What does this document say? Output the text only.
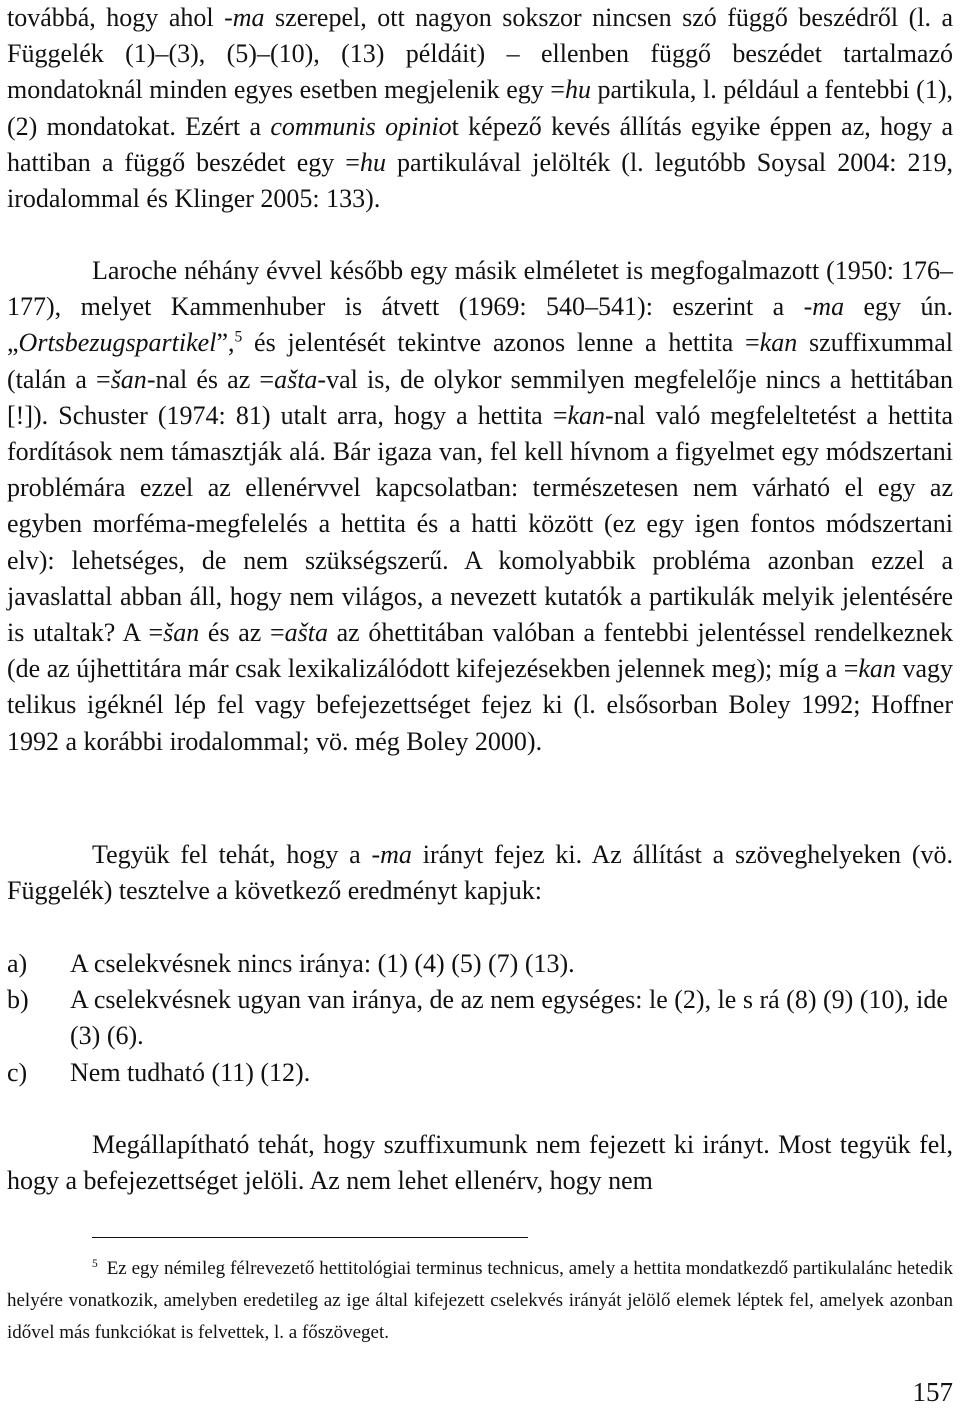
továbbá, hogy ahol -ma szerepel, ott nagyon sokszor nincsen szó függő beszédről (l. a Függelék (1)–(3), (5)–(10), (13) példáit) – ellenben függő beszédet tartalmazó mondatoknál minden egyes esetben megjelenik egy =hu partikula, l. például a fentebbi (1), (2) mondatokat. Ezért a communis opiniot képező kevés állítás egyike éppen az, hogy a hattiban a függő beszédet egy =hu partikulával jelölték (l. legutóbb Soysal 2004: 219, irodalommal és Klinger 2005: 133).

Laroche néhány évvel később egy másik elméletet is megfogalmazott (1950: 176–177), melyet Kammenhuber is átvett (1969: 540–541): eszerint a -ma egy ún. „Ortsbezugspartikel”,$^5$ és jelentését tekintve azonos lenne a hettita =kan szuffixummal (talán a =šan-nal és az =ašta-val is, de olykor semmilyen megfelelője nincs a hettitában [!]). Schuster (1974: 81) utalt arra, hogy a hettita =kan-nal való megfeleltetést a hettita fordítások nem támasztják alá. Bár igaza van, fel kell hívnom a figyelmet egy módszertani problémára ezzel az ellenérvvel kapcsolatban: természetesen nem várható el egy az egyben morféma-megfelelés a hettita és a hatti között (ez egy igen fontos módszertani elv): lehetséges, de nem szükségszerű. A komolyabbik probléma azonban ezzel a javaslattal abban áll, hogy nem világos, a nevezett kutatók a partikulák melyik jelentésére is utaltak? A =šan és az =ašta az óhettitában valóban a fentebbi jelentéssel rendelkeznek (de az újhettitára már csak lexikalizálódott kifejezésekben jelennek meg); míg a =kan vagy telikus igéknél lép fel vagy befejezettséget fejez ki (l. elsősorban Boley 1992; Hoffner 1992 a korábbi irodalommal; vö. még Boley 2000).

Tegyük fel tehát, hogy a -ma irányt fejez ki. Az állítást a szöveghelyeken (vö. Függelék) tesztelve a következő eredményt kapjuk:

a)	A cselekvésnek nincs iránya: (1) (4) (5) (7) (13).
b)	A cselekvésnek ugyan van iránya, de az nem egységes: le (2), le s rá (8) (9) (10), ide (3) (6).
c)	Nem tudható (11) (12).

Megállapítható tehát, hogy szuffixumunk nem fejezett ki irányt. Most tegyük fel, hogy a befejezettséget jelöli. Az nem lehet ellenérv, hogy nem

$^5$ Ez egy némileg félrevezető hettitológiai terminus technicus, amely a hettita mondatkezdő partikulalánc hetedik helyére vonatkozik, amelyben eredetileg az ige által kifejezett cselekvés irányát jelölő elemek léptek fel, amelyek azonban idővel más funkciókat is felvettek, l. a főszöveget.

157
